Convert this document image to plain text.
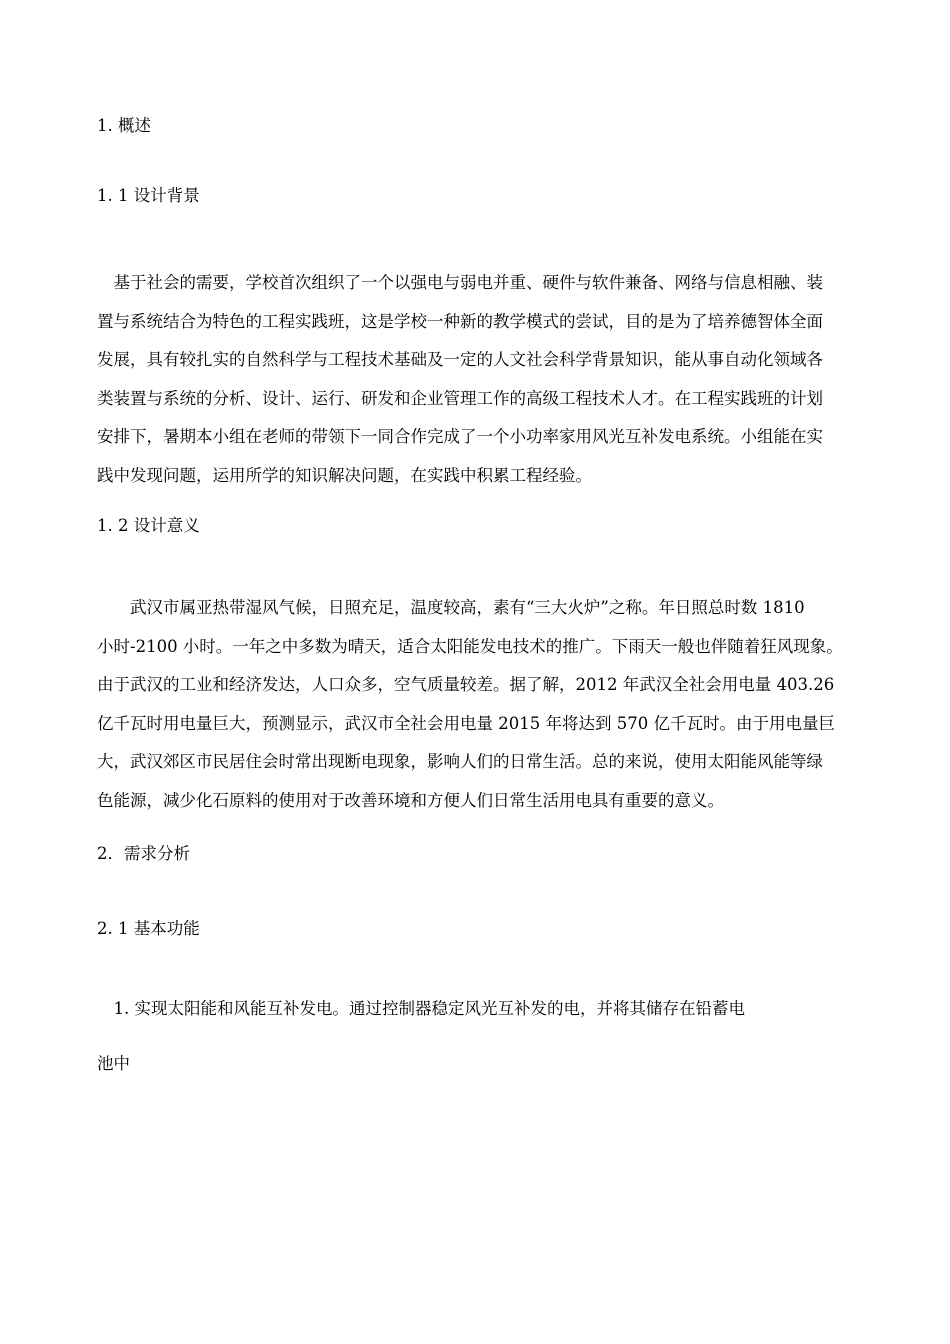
1. 概述
1. 1 设计背景
　基于社会的需要，学校首次组织了一个以强电与弱电并重、硬件与软件兼备、网络与信息相融、装
置与系统结合为特色的工程实践班，这是学校一种新的教学模式的尝试，目的是为了培养德智体全面
发展，具有较扎实的自然科学与工程技术基础及一定的人文社会科学背景知识，能从事自动化领域各
类装置与系统的分析、设计、运行、研发和企业管理工作的高级工程技术人才。在工程实践班的计划
安排下，暑期本小组在老师的带领下一同合作完成了一个小功率家用风光互补发电系统。小组能在实
践中发现问题，运用所学的知识解决问题，在实践中积累工程经验。
1. 2 设计意义
　　武汉市属亚热带湿风气候，日照充足，温度较高，素有“三大火炉”之称。年日照总时数 1810
小时-2100 小时。一年之中多数为晴天，适合太阳能发电技术的推广。下雨天一般也伴随着狂风现象。
由于武汉的工业和经济发达，人口众多，空气质量较差。据了解，2012 年武汉全社会用电量 403.26
亿千瓦时用电量巨大，预测显示，武汉市全社会用电量 2015 年将达到 570 亿千瓦时。由于用电量巨
大，武汉郊区市民居住会时常出现断电现象，影响人们的日常生活。总的来说，使用太阳能风能等绿
色能源，减少化石原料的使用对于改善环境和方便人们日常生活用电具有重要的意义。
2．需求分析
2. 1 基本功能
　1. 实现太阳能和风能互补发电。通过控制器稳定风光互补发的电，并将其储存在铅蓄电
池中
